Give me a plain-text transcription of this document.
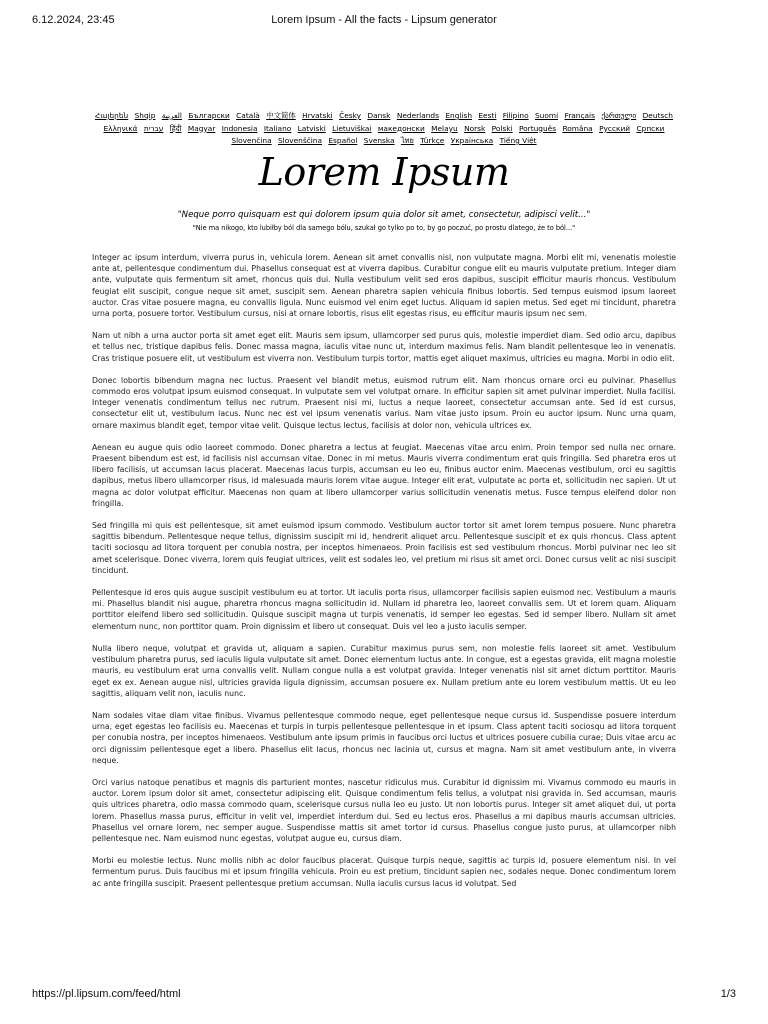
6.12.2024, 23:45	Lorem Ipsum - All the facts - Lipsum generator
Հայերեն Shqip العربية Български Català 中文简体 Hrvatski Česky Dansk Nederlands English Eesti Filipino Suomi Français ქართული Deutsch Ελληνικά עברית हिंदी Magyar Indonesia Italiano Latviski Lietuviškai македонски Melayu Norsk Polski Português Româna Pyccкий Српски Slovenčina Slovenščina Español Svenska ไทย Türkçe Українська Tiếng Việt
Lorem Ipsum
"Neque porro quisquam est qui dolorem ipsum quia dolor sit amet, consectetur, adipisci velit..."
"Nie ma nikogo, kto lubiłby ból dla samego bólu, szukał go tylko po to, by go poczuć, po prostu dlatego, że to ból..."

Integer ac ipsum interdum, viverra purus in, vehicula lorem. Aenean sit amet convallis nisl, non vulputate magna. Morbi elit mi, venenatis molestie ante at, pellentesque condimentum dui. Phasellus consequat est at viverra dapibus. Curabitur congue elit eu mauris vulputate pretium. Integer diam ante, vulputate quis fermentum sit amet, rhoncus quis dui. Nulla vestibulum velit sed eros dapibus, suscipit efficitur mauris rhoncus. Vestibulum feugiat elit suscipit, congue neque sit amet, suscipit sem. Aenean pharetra sapien vehicula finibus lobortis. Sed tempus euismod ipsum laoreet auctor. Cras vitae posuere magna, eu convallis ligula. Nunc euismod vel enim eget luctus. Aliquam id sapien metus. Sed eget mi tincidunt, pharetra urna porta, posuere tortor. Vestibulum cursus, nisi at ornare lobortis, risus elit egestas risus, eu efficitur mauris ipsum nec sem.

Nam ut nibh a urna auctor porta sit amet eget elit. Mauris sem ipsum, ullamcorper sed purus quis, molestie imperdiet diam. Sed odio arcu, dapibus et tellus nec, tristique dapibus felis. Donec massa magna, iaculis vitae nunc ut, interdum maximus felis. Nam blandit pellentesque leo in venenatis. Cras tristique posuere elit, ut vestibulum est viverra non. Vestibulum turpis tortor, mattis eget aliquet maximus, ultricies eu magna. Morbi in odio elit.

Donec lobortis bibendum magna nec luctus. Praesent vel blandit metus, euismod rutrum elit. Nam rhoncus ornare orci eu pulvinar. Phasellus commodo eros volutpat ipsum euismod consequat. In vulputate sem vel volutpat ornare. In efficitur sapien sit amet pulvinar imperdiet. Nulla facilisi. Integer venenatis condimentum tellus nec rutrum. Praesent nisi mi, luctus a neque laoreet, consectetur accumsan ante. Sed id est cursus, consectetur elit ut, vestibulum lacus. Nunc nec est vel ipsum venenatis varius. Nam vitae justo ipsum. Proin eu auctor ipsum. Nunc urna quam, ornare maximus blandit eget, tempor vitae velit. Quisque lectus lectus, facilisis at dolor non, vehicula ultrices ex.

Aenean eu augue quis odio laoreet commodo. Donec pharetra a lectus at feugiat. Maecenas vitae arcu enim. Proin tempor sed nulla nec ornare. Praesent bibendum est est, id facilisis nisl accumsan vitae. Donec in mi metus. Mauris viverra condimentum erat quis fringilla. Sed pharetra eros ut libero facilisis, ut accumsan lacus placerat. Maecenas lacus turpis, accumsan eu leo eu, finibus auctor enim. Maecenas vestibulum, orci eu sagittis dapibus, metus libero ullamcorper risus, id malesuada mauris lorem vitae augue. Integer elit erat, vulputate ac porta et, sollicitudin nec sapien. Ut ut magna ac dolor volutpat efficitur. Maecenas non quam at libero ullamcorper varius sollicitudin venenatis metus. Fusce tempus eleifend dolor non fringilla.

Sed fringilla mi quis est pellentesque, sit amet euismod ipsum commodo. Vestibulum auctor tortor sit amet lorem tempus posuere. Nunc pharetra sagittis bibendum. Pellentesque neque tellus, dignissim suscipit mi id, hendrerit aliquet arcu. Pellentesque suscipit et ex quis rhoncus. Class aptent taciti sociosqu ad litora torquent per conubia nostra, per inceptos himenaeos. Proin facilisis est sed vestibulum rhoncus. Morbi pulvinar nec leo sit amet scelerisque. Donec viverra, lorem quis feugiat ultrices, velit est sodales leo, vel pretium mi risus sit amet orci. Donec cursus velit ac nisi suscipit tincidunt.

Pellentesque id eros quis augue suscipit vestibulum eu at tortor. Ut iaculis porta risus, ullamcorper facilisis sapien euismod nec. Vestibulum a mauris mi. Phasellus blandit nisi augue, pharetra rhoncus magna sollicitudin id. Nullam id pharetra leo, laoreet convallis sem. Ut et lorem quam. Aliquam porttitor eleifend libero sed sollicitudin. Quisque suscipit magna ut turpis venenatis, id semper leo egestas. Sed id semper libero. Nullam sit amet elementum nunc, non porttitor quam. Proin dignissim et libero ut consequat. Duis vel leo a justo iaculis semper.

Nulla libero neque, volutpat et gravida ut, aliquam a sapien. Curabitur maximus purus sem, non molestie felis laoreet sit amet. Vestibulum vestibulum pharetra purus, sed iaculis ligula vulputate sit amet. Donec elementum luctus ante. In congue, est a egestas gravida, elit magna molestie mauris, eu vestibulum erat urna convallis velit. Nullam congue nulla a est volutpat gravida. Integer venenatis nisl sit amet dictum porttitor. Mauris eget ex ex. Aenean augue nisl, ultricies gravida ligula dignissim, accumsan posuere ex. Nullam pretium ante eu lorem vestibulum mattis. Ut eu leo sagittis, aliquam velit non, iaculis nunc.

Nam sodales vitae diam vitae finibus. Vivamus pellentesque commodo neque, eget pellentesque neque cursus id. Suspendisse posuere interdum urna, eget egestas leo facilisis eu. Maecenas et turpis in turpis pellentesque pellentesque in et ipsum. Class aptent taciti sociosqu ad litora torquent per conubia nostra, per inceptos himenaeos. Vestibulum ante ipsum primis in faucibus orci luctus et ultrices posuere cubilia curae; Duis vitae arcu ac orci dignissim pellentesque eget a libero. Phasellus elit lacus, rhoncus nec lacinia ut, cursus et magna. Nam sit amet vestibulum ante, in viverra neque.

Orci varius natoque penatibus et magnis dis parturient montes, nascetur ridiculus mus. Curabitur id dignissim mi. Vivamus commodo eu mauris in auctor. Lorem ipsum dolor sit amet, consectetur adipiscing elit. Quisque condimentum felis tellus, a volutpat nisi gravida in. Sed accumsan, mauris quis ultrices pharetra, odio massa commodo quam, scelerisque cursus nulla leo eu justo. Ut non lobortis purus. Integer sit amet aliquet dui, ut porta lorem. Phasellus massa purus, efficitur in velit vel, imperdiet interdum dui. Sed eu lectus eros. Phasellus a mi dapibus mauris accumsan ultricies. Phasellus vel ornare lorem, nec semper augue. Suspendisse mattis sit amet tortor id cursus. Phasellus congue justo purus, at ullamcorper nibh pellentesque nec. Nam euismod nunc egestas, volutpat augue eu, cursus diam.

Morbi eu molestie lectus. Nunc mollis nibh ac dolor faucibus placerat. Quisque turpis neque, sagittis ac turpis id, posuere elementum nisi. In vel fermentum purus. Duis faucibus mi et ipsum fringilla vehicula. Proin eu est pretium, tincidunt sapien nec, sodales neque. Donec condimentum lorem ac ante fringilla suscipit. Praesent pellentesque pretium accumsan. Nulla iaculis cursus lacus id volutpat. Sed

https://pl.lipsum.com/feed/html	1/3
